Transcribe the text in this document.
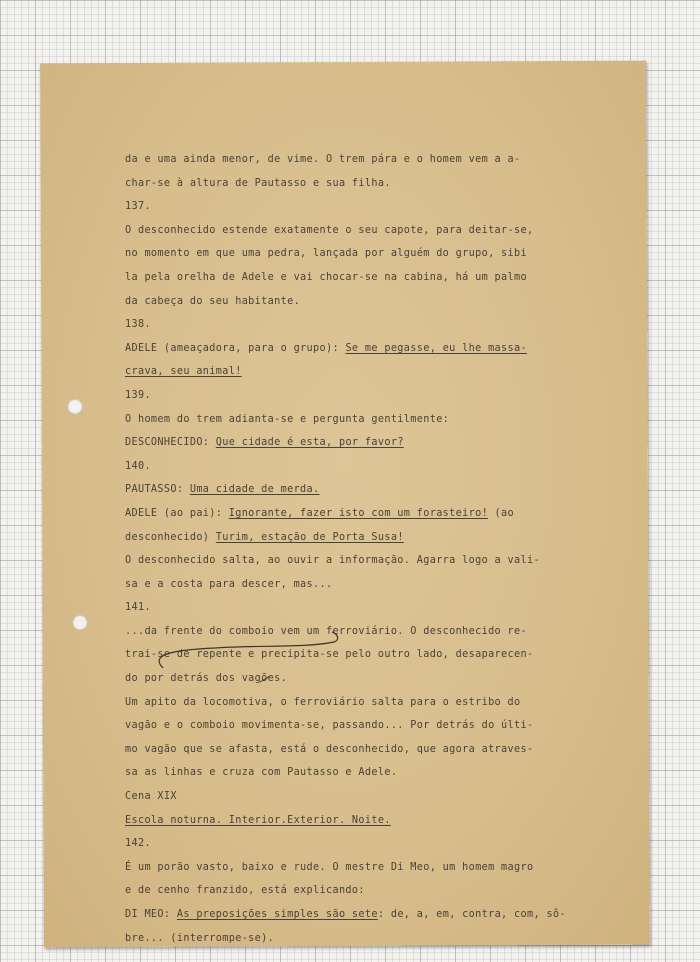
da e uma ainda menor, de vime. O trem pára e o homem vem a a-
char-se à altura de Pautasso e sua filha.
137.
O desconhecido estende exatamente o seu capote, para deitar-se,
no momento em que uma pedra, lançada por alguém do grupo, sibi
la pela orelha de Adele e vai chocar-se na cabina, há um palmo
da cabeça do seu habitante.
138.
ADELE (ameaçadora, para o grupo): Se me pegasse, eu lhe massa-
crava, seu animal!
139.
O homem do trem adianta-se e pergunta gentilmente:
DESCONHECIDO: Que cidade é esta, por favor?
140.
PAUTASSO: Uma cidade de merda.
ADELE (ao pai): Ignorante, fazer isto com um forasteiro! (ao
desconhecido) Turim, estação de Porta Susa!
O desconhecido salta, ao ouvir a informação. Agarra logo a vali-
sa e a costa para descer, mas...
141.
...da frente do comboio vem um ferroviário. O desconhecido re-
trai-se de repente e precipita-se pelo outro lado, desaparecen-
do por detrás dos vagões.
Um apito da locomotiva, o ferroviário salta para o estribo do
vagão e o comboio movimenta-se, passando... Por detrás do últi-
mo vagão que se afasta, está o desconhecido, que agora atraves-
sa as linhas e cruza com Pautasso e Adele.
Cena XIX
Escola noturna. Interior.Exterior. Noite.
142.
É um porão vasto, baixo e rude. O mestre Di Meo, um homem magro
e de cenho franzido, está explicando:
DI MEO: As preposições simples são sete: de, a, em, contra, com, sô-
bre... (interrompe-se).
